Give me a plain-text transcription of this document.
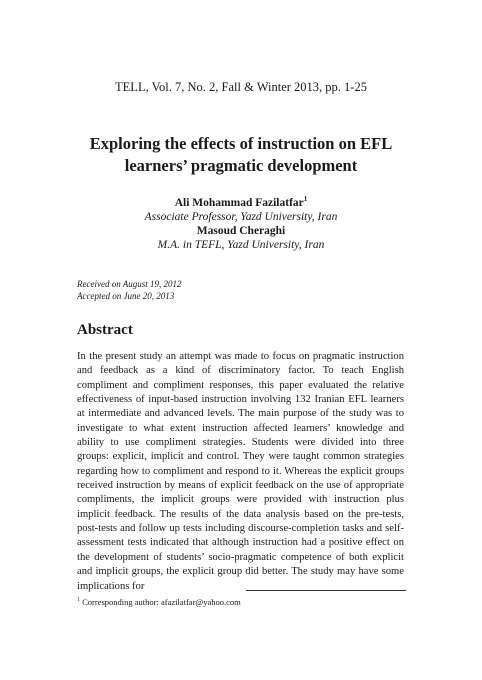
TELL, Vol. 7, No. 2, Fall & Winter 2013, pp. 1-25
Exploring the effects of instruction on EFL
learners’ pragmatic development
Ali Mohammad Fazilatfar$^1$
Associate Professor, Yazd University, Iran
Masoud Cheraghi
M.A. in TEFL, Yazd University, Iran
Received on August 19, 2012
Accepted on June 20, 2013
Abstract
In the present study an attempt was made to focus on pragmatic instruction and feedback as a kind of discriminatory factor. To teach English compliment and compliment responses, this paper evaluated the relative effectiveness of input-based instruction involving 132 Iranian EFL learners at intermediate and advanced levels. The main purpose of the study was to investigate to what extent instruction affected learners’ knowledge and ability to use compliment strategies. Students were divided into three groups: explicit, implicit and control. They were taught common strategies regarding how to compliment and respond to it. Whereas the explicit groups received instruction by means of explicit feedback on the use of appropriate compliments, the implicit groups were provided with instruction plus implicit feedback. The results of the data analysis based on the pre-tests, post-tests and follow up tests including discourse-completion tasks and self-assessment tests indicated that although instruction had a positive effect on the development of students’ socio-pragmatic competence of both explicit and implicit groups, the explicit group did better. The study may have some implications for
$^1$ Corresponding author: afazilatfar@yahoo.com
